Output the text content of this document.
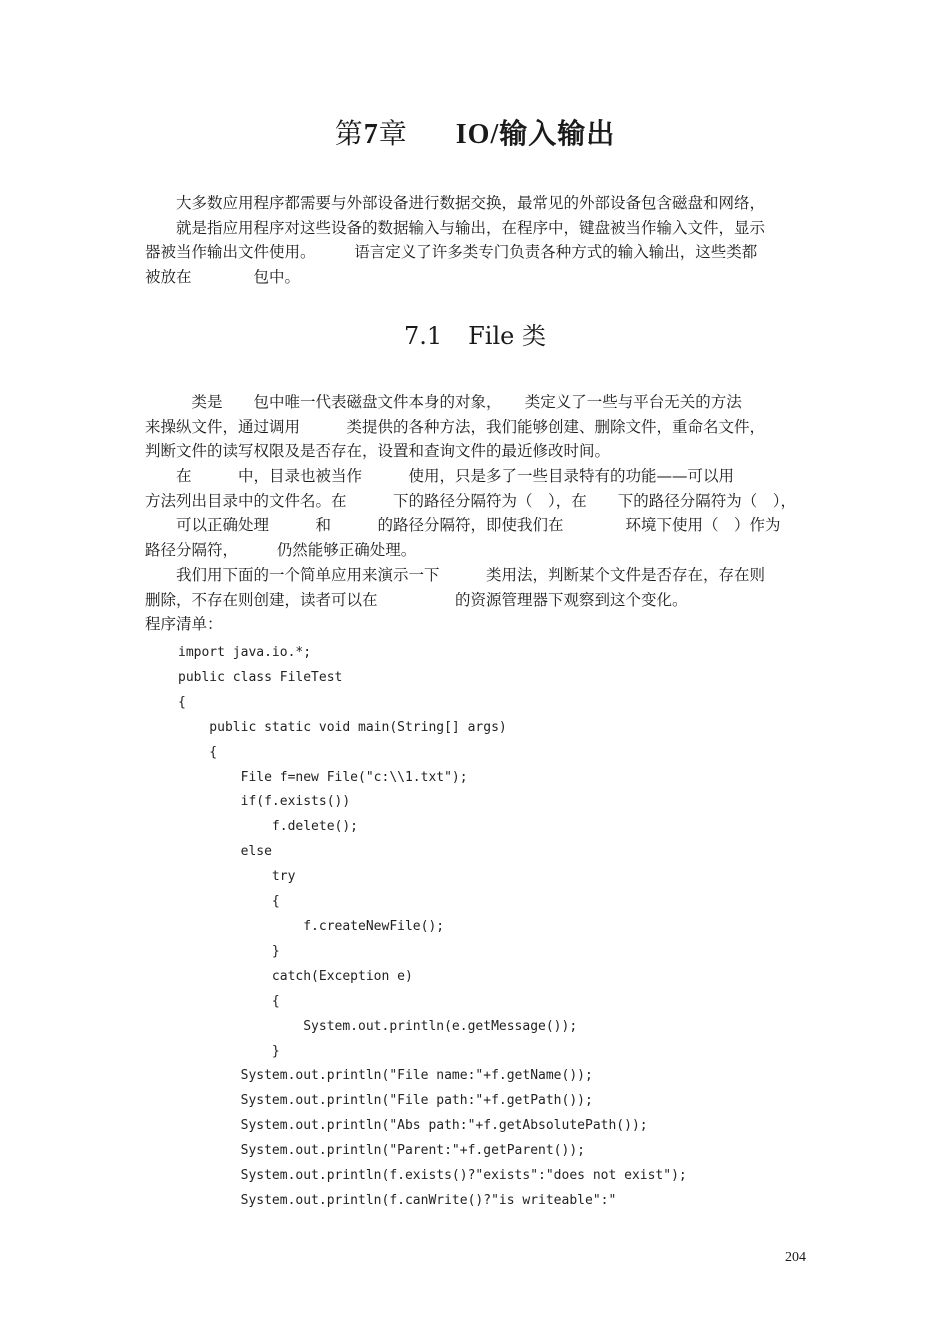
第7章 IO/输入输出
　　大多数应用程序都需要与外部设备进行数据交换，最常见的外部设备包含磁盘和网络，
　　就是指应用程序对这些设备的数据输入与输出，在程序中，键盘被当作输入文件，显示
器被当作输出文件使用。　　　语言定义了许多类专门负责各种方式的输入输出，这些类都
被放在　　　　包中。
7.1 File 类
　　　类是　　包中唯一代表磁盘文件本身的对象，　　类定义了一些与平台无关的方法
来操纵文件，通过调用　　　类提供的各种方法，我们能够创建、删除文件，重命名文件，
判断文件的读写权限及是否存在，设置和查询文件的最近修改时间。
　　在　　　中，目录也被当作　　　使用，只是多了一些目录特有的功能——可以用
方法列出目录中的文件名。在　　　下的路径分隔符为（　），在　　下的路径分隔符为（　），
　　可以正确处理　　　和　　　的路径分隔符，即使我们在　　　　环境下使用（　）作为
路径分隔符，　　　仍然能够正确处理。
　　我们用下面的一个简单应用来演示一下　　　类用法，判断某个文件是否存在，存在则
删除，不存在则创建，读者可以在　　　　　的资源管理器下观察到这个变化。
程序清单：
import java.io.*;
public class FileTest
{
public static void main(String[] args)
{
File f=new File("c:\\1.txt");
if(f.exists())
f.delete();
else
try
{
f.createNewFile();
}
catch(Exception e)
{
System.out.println(e.getMessage());
}
System.out.println("File name:"+f.getName());
System.out.println("File path:"+f.getPath());
System.out.println("Abs path:"+f.getAbsolutePath());
System.out.println("Parent:"+f.getParent());
System.out.println(f.exists()?"exists":"does not exist");
System.out.println(f.canWrite()?"is writeable":"
204
